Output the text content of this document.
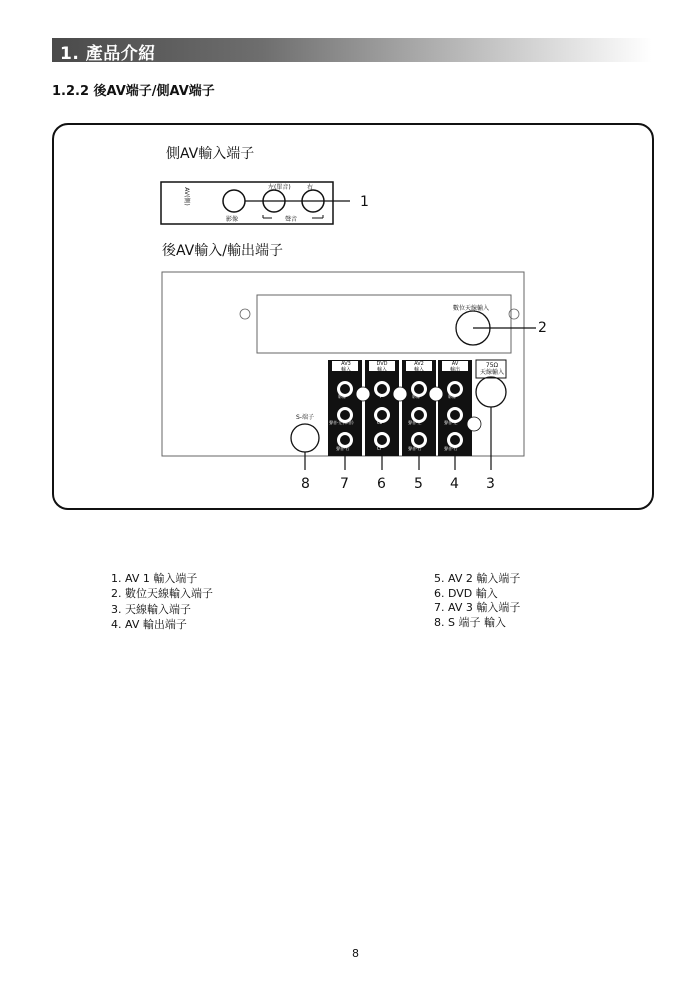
1. 產品介紹
1.2.2 後AV端子/側AV端子
側AV輸入端子
AV(側)
影像
左(單音)	右
聲音
1
後AV輸入/輸出端子
數位天線輸入
S-端子
75Ω
天線輸入
AV3
輸入
DVD
輸入
AV2
輸入
AV
輸出
影像
聲音-左(單音)
聲音-右
Y
Cb
Cr
影像
聲音-左
聲音-右
影像
聲音-左
聲音-右
2
8 7 6 5 4 3
1. AV 1 輸入端子
2. 數位天線輸入端子
3. 天線輸入端子
4. AV 輸出端子
5. AV 2 輸入端子
6. DVD 輸入
7. AV 3 輸入端子
8. S 端子 輸入
8
